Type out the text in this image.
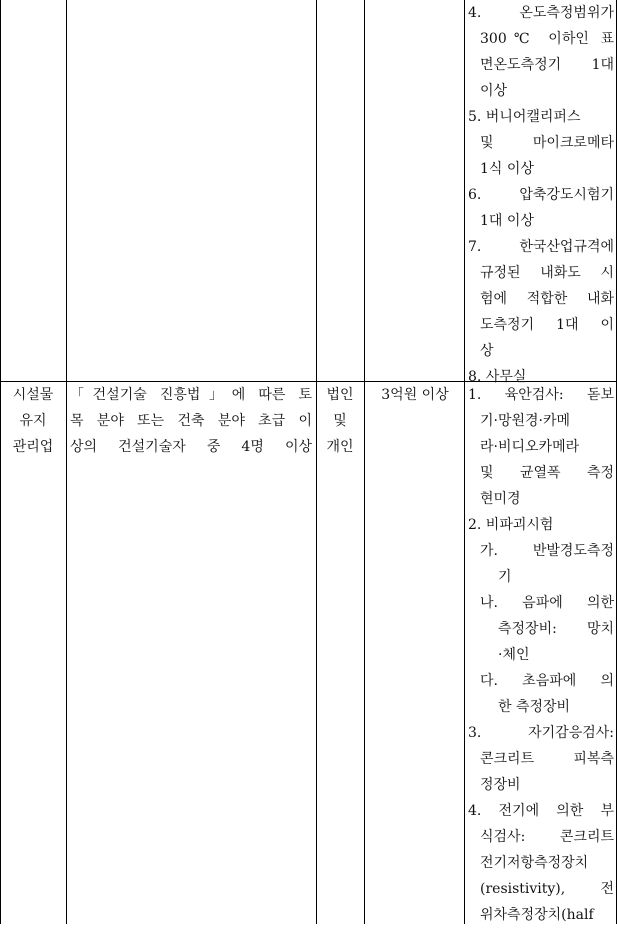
4. 온도측정범위가
300℃ 이하인 표
면온도측정기 1대
이상
5. 버니어캘리퍼스
및 마이크로메타
1식 이상
6. 압축강도시험기
1대 이상
7. 한국산업규격에
규정된 내화도 시
험에 적합한 내화
도측정기 1대 이
상
8. 사무실
시설물
유지
관리업
「건설기술 진흥법」에 따른 토
목 분야 또는 건축 분야 초급 이
상의 건설기술자 중 4명 이상
법인
및
개인
3억원 이상	1. 육안검사: 돋보
기·망원경·카메
라·비디오카메라
및 균열폭 측정
현미경
2. 비파괴시험
가. 반발경도측정
기
나. 음파에 의한
측정장비: 망치
·체인
다. 초음파에 의
한 측정장비
3. 자기감응검사:
콘크리트 피복측
정장비
4. 전기에 의한 부
식검사: 콘크리트
전기저항측정장치
(resistivity), 전
위차측정장치(half
